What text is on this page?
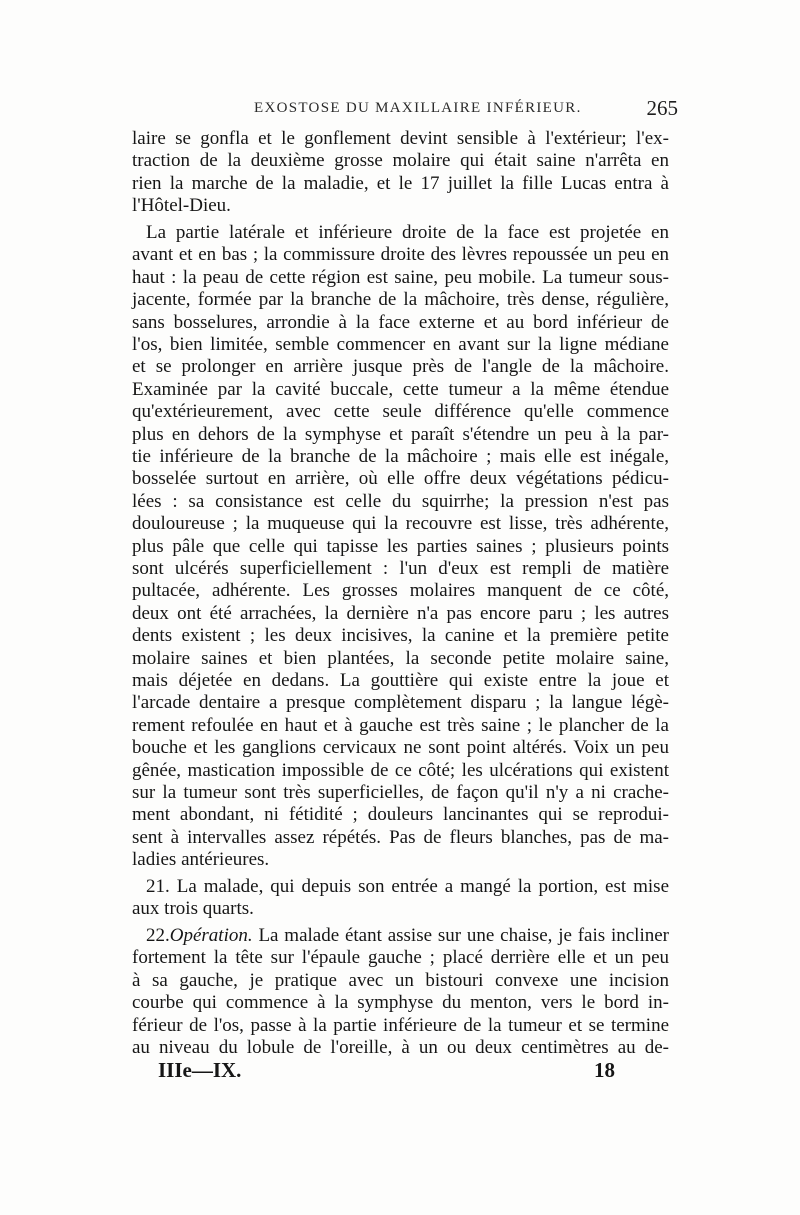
EXOSTOSE DU MAXILLAIRE INFÉRIEUR.	265
laire se gonfla et le gonflement devint sensible à l'extérieur; l'ex-
traction de la deuxième grosse molaire qui était saine n'arrêta en
rien la marche de la maladie, et le 17 juillet la fille Lucas entra à
l'Hôtel-Dieu.
La partie latérale et inférieure droite de la face est projetée en
avant et en bas ; la commissure droite des lèvres repoussée un peu en
haut : la peau de cette région est saine, peu mobile. La tumeur sous-
jacente, formée par la branche de la mâchoire, très dense, régulière,
sans bosselures, arrondie à la face externe et au bord inférieur de
l'os, bien limitée, semble commencer en avant sur la ligne médiane
et se prolonger en arrière jusque près de l'angle de la mâchoire.
Examinée par la cavité buccale, cette tumeur a la même étendue
qu'extérieurement, avec cette seule différence qu'elle commence
plus en dehors de la symphyse et paraît s'étendre un peu à la par-
tie inférieure de la branche de la mâchoire ; mais elle est inégale,
bosselée surtout en arrière, où elle offre deux végétations pédicu-
lées : sa consistance est celle du squirrhe; la pression n'est pas
douloureuse ; la muqueuse qui la recouvre est lisse, très adhérente,
plus pâle que celle qui tapisse les parties saines ; plusieurs points
sont ulcérés superficiellement : l'un d'eux est rempli de matière
pultacée, adhérente. Les grosses molaires manquent de ce côté,
deux ont été arrachées, la dernière n'a pas encore paru ; les autres
dents existent ; les deux incisives, la canine et la première petite
molaire saines et bien plantées, la seconde petite molaire saine,
mais déjetée en dedans. La gouttière qui existe entre la joue et
l'arcade dentaire a presque complètement disparu ; la langue légè-
rement refoulée en haut et à gauche est très saine ; le plancher de la
bouche et les ganglions cervicaux ne sont point altérés. Voix un peu
gênée, mastication impossible de ce côté; les ulcérations qui existent
sur la tumeur sont très superficielles, de façon qu'il n'y a ni crache-
ment abondant, ni fétidité ; douleurs lancinantes qui se reprodui-
sent à intervalles assez répétés. Pas de fleurs blanches, pas de ma-
ladies antérieures.
21. La malade, qui depuis son entrée a mangé la portion, est mise
aux trois quarts.
22.Opération. La malade étant assise sur une chaise, je fais incliner
fortement la tête sur l'épaule gauche ; placé derrière elle et un peu
à sa gauche, je pratique avec un bistouri convexe une incision
courbe qui commence à la symphyse du menton, vers le bord in-
férieur de l'os, passe à la partie inférieure de la tumeur et se termine
au niveau du lobule de l'oreille, à un ou deux centimètres au de-
IIIe—IX.	18
